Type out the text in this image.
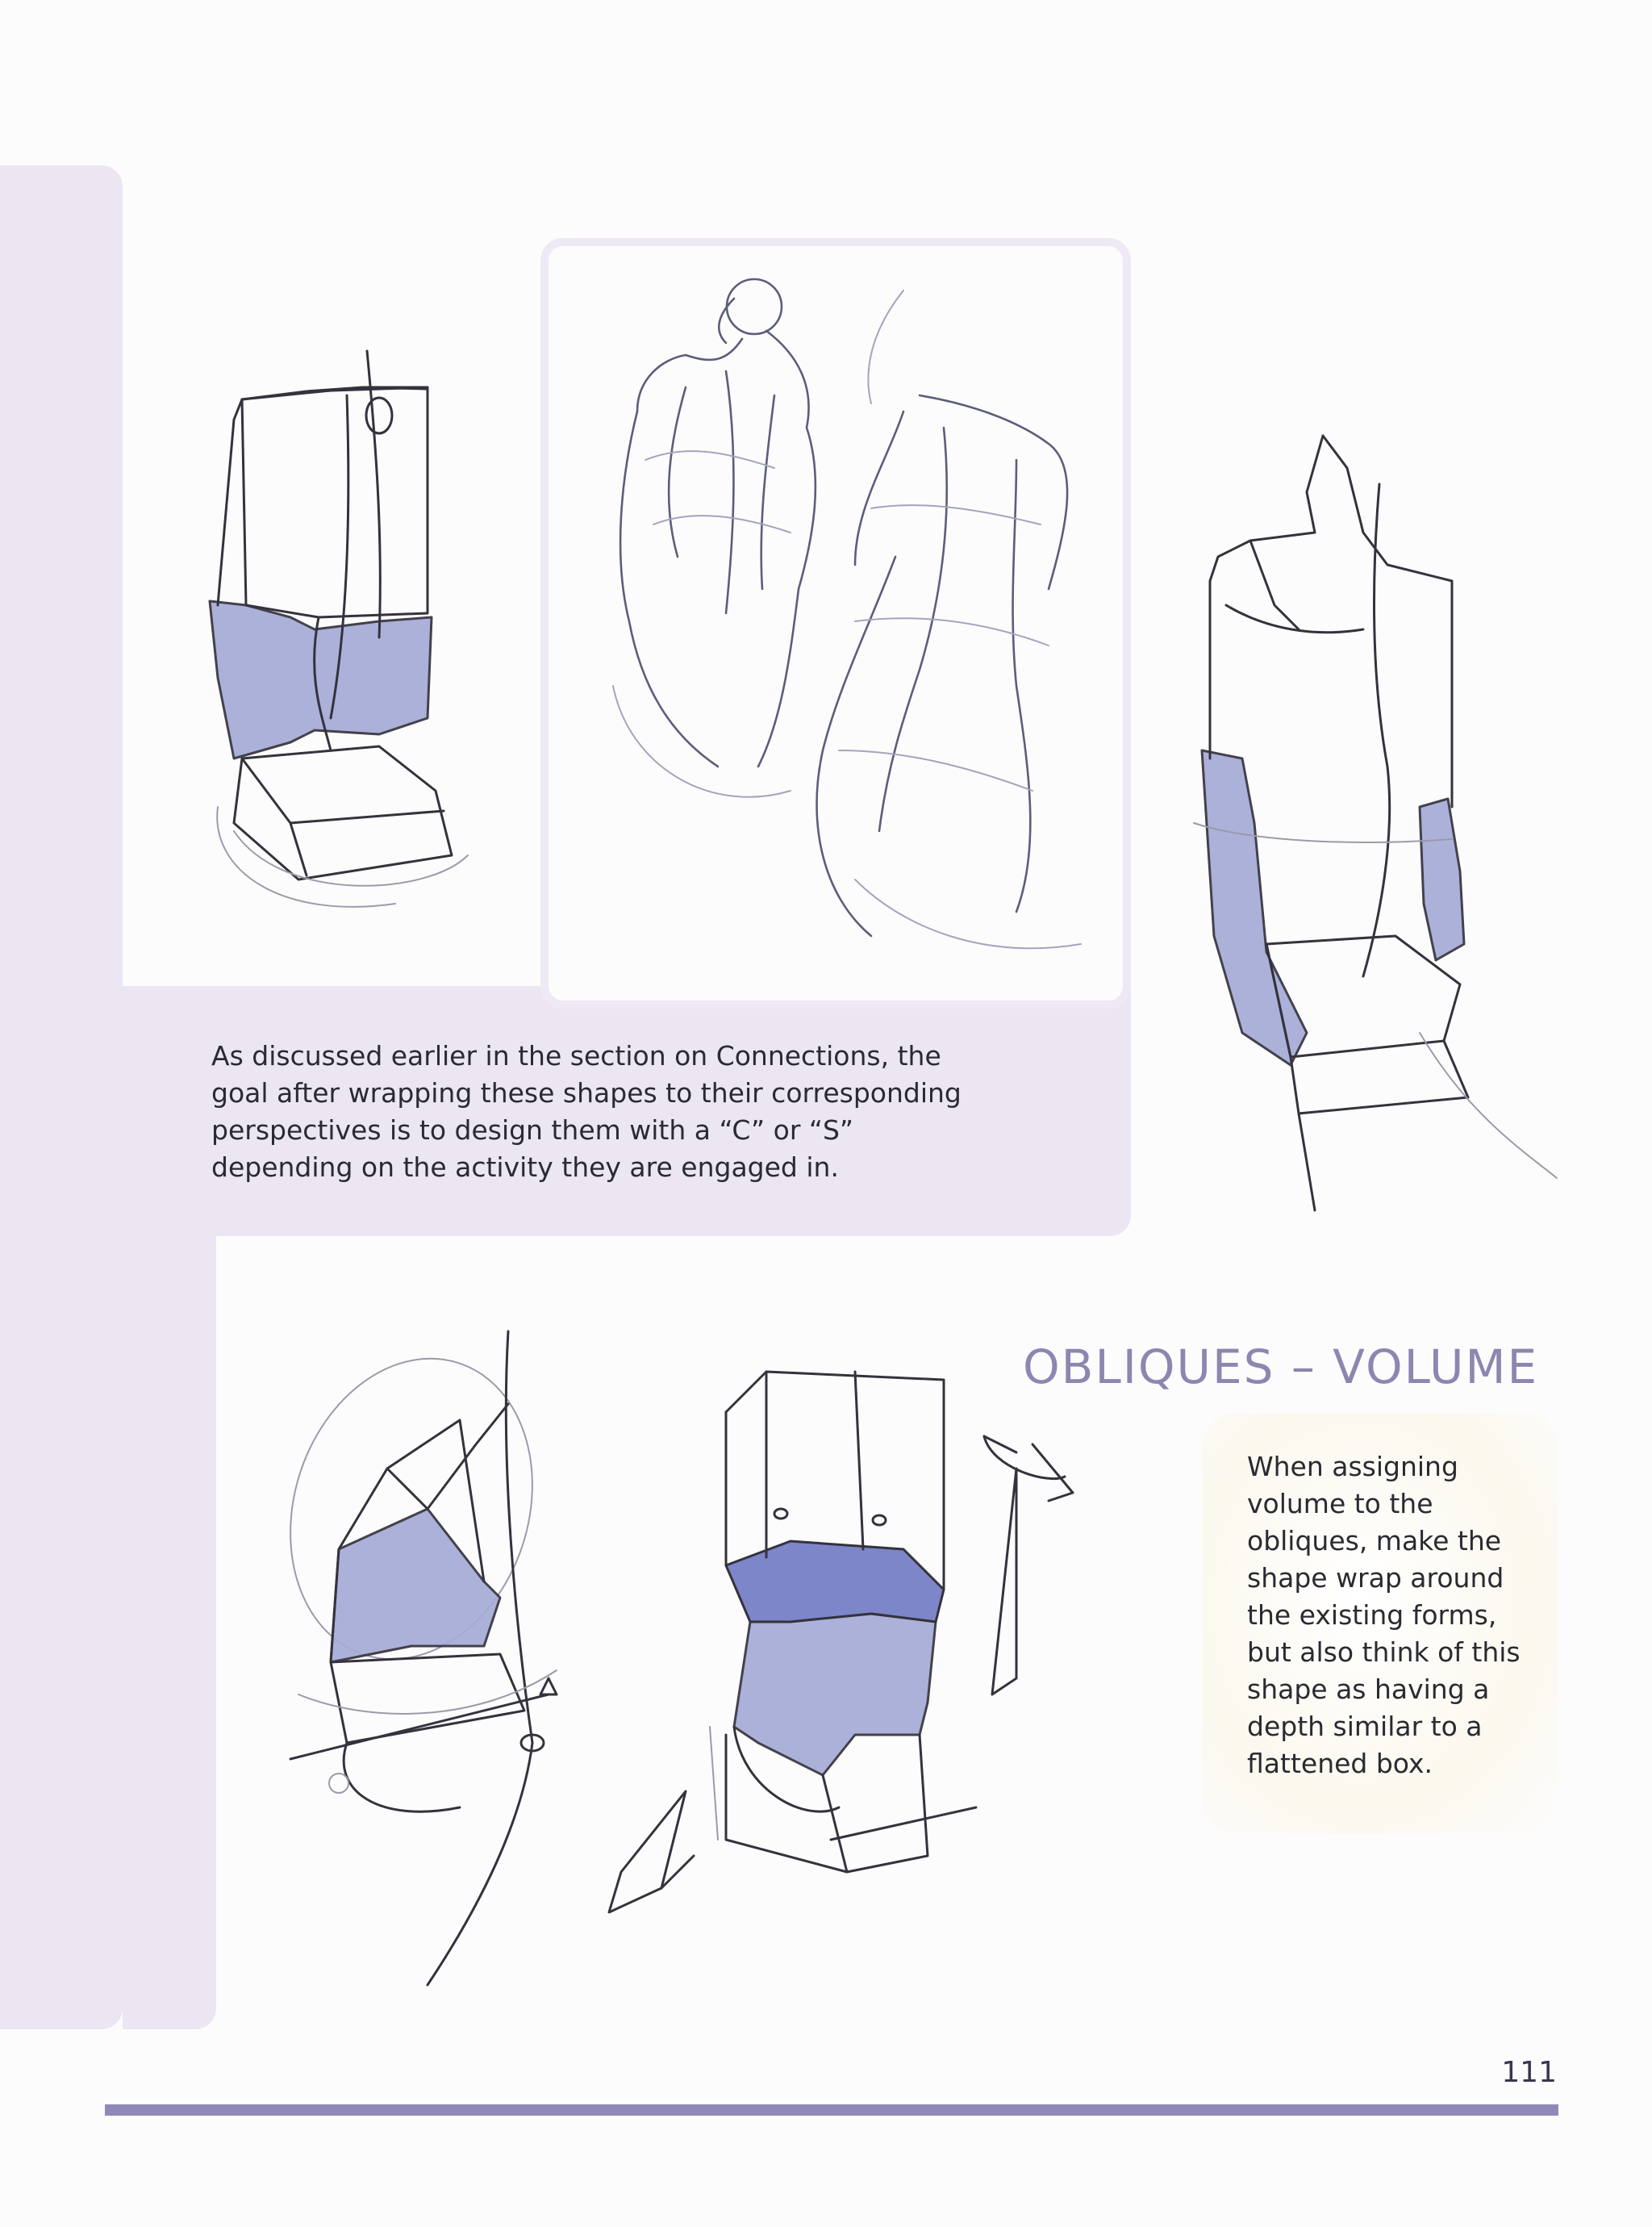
As discussed earlier in the section on Connections, the
goal after wrapping these shapes to their corresponding
perspectives is to design them with a “C” or “S”
depending on the activity they are engaged in.
OBLIQUES – VOLUME
When assigning
volume to the
obliques, make the
shape wrap around
the existing forms,
but also think of this
shape as having a
depth similar to a
flattened box.
111
